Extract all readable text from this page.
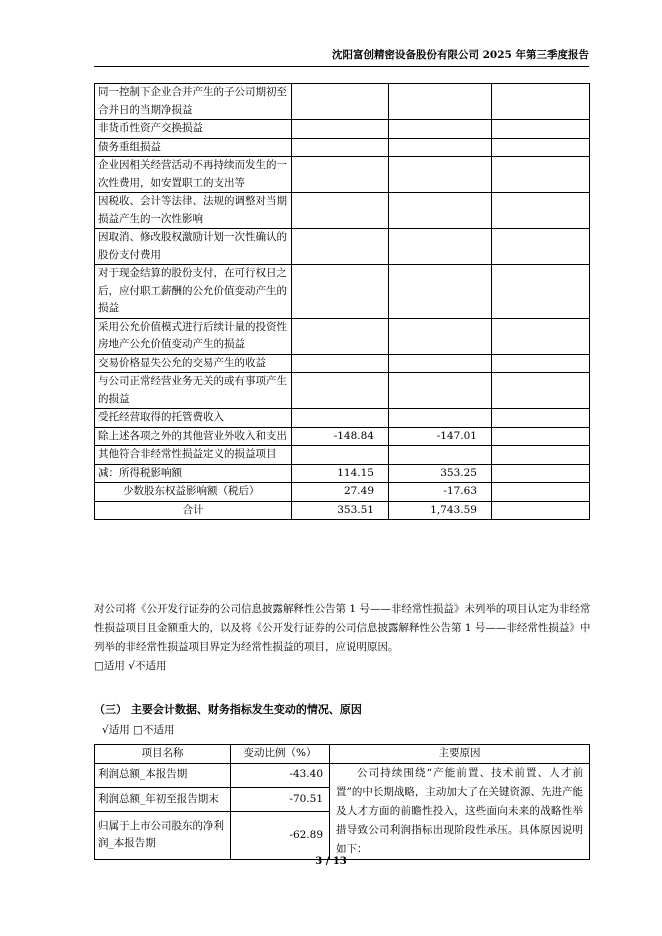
沈阳富创精密设备股份有限公司 2025 年第三季度报告
同一控制下企业合并产生的子公司期初至合并日的当期净损益			
非货币性资产交换损益			
债务重组损益			
企业因相关经营活动不再持续而发生的一次性费用，如安置职工的支出等			
因税收、会计等法律、法规的调整对当期损益产生的一次性影响			
因取消、修改股权激励计划一次性确认的股份支付费用			
对于现金结算的股份支付，在可行权日之后，应付职工薪酬的公允价值变动产生的损益			
采用公允价值模式进行后续计量的投资性房地产公允价值变动产生的损益			
交易价格显失公允的交易产生的收益			
与公司正常经营业务无关的或有事项产生的损益			
受托经营取得的托管费收入			
除上述各项之外的其他营业外收入和支出	-148.84	-147.01	
其他符合非经常性损益定义的损益项目			
减：所得税影响额	114.15	353.25	
少数股东权益影响额（税后）	27.49	-17.63	
合计	353.51	1,743.59	

对公司将《公开发行证券的公司信息披露解释性公告第 1 号——非经常性损益》未列举的项目认定为非经常性损益项目且金额重大的，以及将《公开发行证券的公司信息披露解释性公告第 1 号——非经常性损益》中列举的非经常性损益项目界定为经常性损益的项目，应说明原因。

□适用 √不适用

（三） 主要会计数据、财务指标发生变动的情况、原因
√适用 □不适用
项目名称	变动比例（%）	主要原因
利润总额_本报告期	-43.40	公司持续围绕“产能前置、技术前置、人才前置”的中长期战略，主动加大了在关键资源、先进产能及人才方面的前瞻性投入，这些面向未来的战略性举措导致公司利润指标出现阶段性承压。具体原因说明如下：

利润总额_年初至报告期末	-70.51	
归属于上市公司股东的净利润_本报告期	-62.89	
3 / 13
